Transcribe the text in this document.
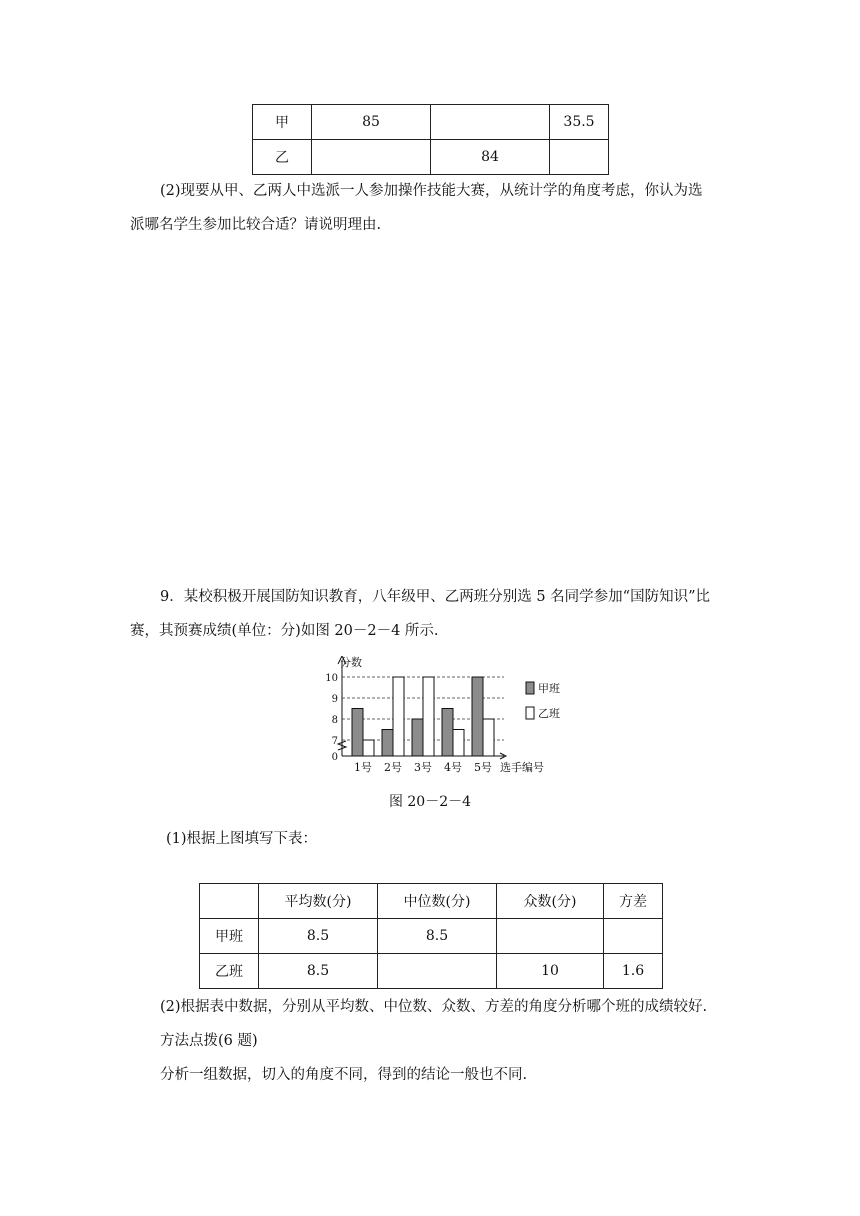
甲	85		35.5
乙		84	
(2)现要从甲、乙两人中选派一人参加操作技能大赛，从统计学的角度考虑，你认为选
派哪名学生参加比较合适？请说明理由.
9．某校积极开展国防知识教育，八年级甲、乙两班分别选 5 名同学参加“国防知识”比
赛，其预赛成绩(单位：分)如图 20－2－4 所示.
0
7
8
9
10
1号 2号 3号 4号 5号
分数
选手编号
甲班
乙班
图 20－2－4
(1)根据上图填写下表：
	平均数(分)	中位数(分)	众数(分)	方差
甲班	8.5	8.5		
乙班	8.5		10	1.6
(2)根据表中数据，分别从平均数、中位数、众数、方差的角度分析哪个班的成绩较好.
方法点拨(6 题)
分析一组数据，切入的角度不同，得到的结论一般也不同.
